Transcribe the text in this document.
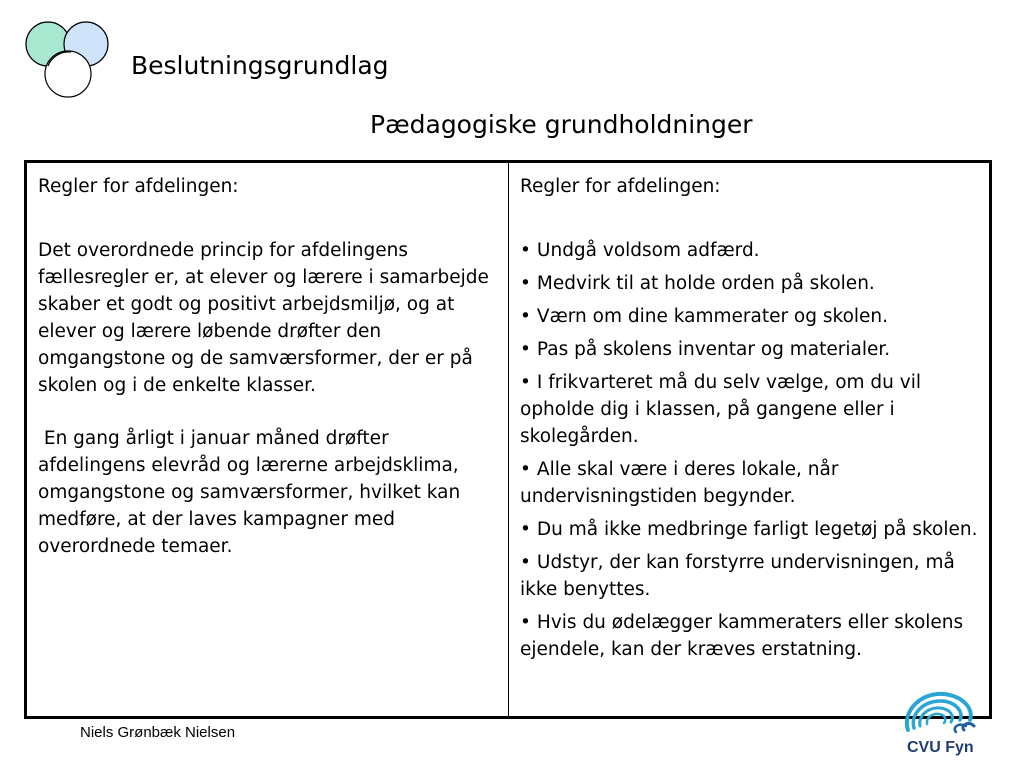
Beslutningsgrundlag
Pædagogiske grundholdninger

Regler for afdelingen:

Det overordnede princip for afdelingens fællesregler er, at elever og lærere i samarbejde skaber et godt og positivt arbejdsmiljø, og at elever og lærere løbende drøfter den omgangstone og de samværsformer, der er på skolen og i de enkelte klasser.

En gang årligt i januar måned drøfter afdelingens elevråd og lærerne arbejdsklima, omgangstone og samværsformer, hvilket kan medføre, at der laves kampagner med overordnede temaer.

Regler for afdelingen:

• Undgå voldsom adfærd.
• Medvirk til at holde orden på skolen.
• Værn om dine kammerater og skolen.
• Pas på skolens inventar og materialer.
• I frikvarteret må du selv vælge, om du vil opholde dig i klassen, på gangene eller i skolegården.
• Alle skal være i deres lokale, når undervisningstiden begynder.
• Du må ikke medbringe farligt legetøj på skolen.
• Udstyr, der kan forstyrre undervisningen, må ikke benyttes.
• Hvis du ødelægger kammeraters eller skolens ejendele, kan der kræves erstatning.
Niels Grønbæk Nielsen
CVU Fyn
